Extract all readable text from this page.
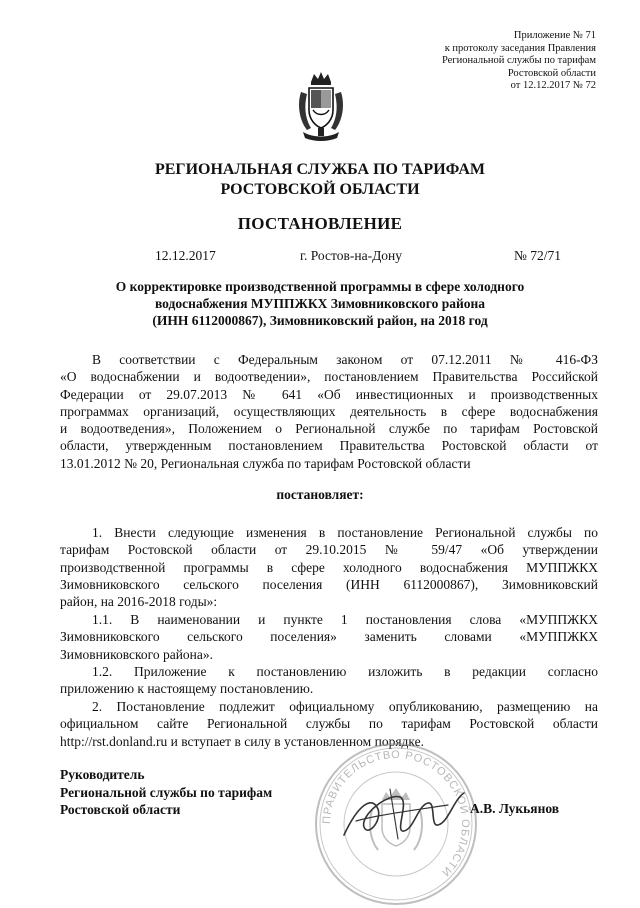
Приложение № 71
к протоколу заседания Правления
Региональной службы по тарифам
Ростовской области
от 12.12.2017 № 72
РЕГИОНАЛЬНАЯ СЛУЖБА ПО ТАРИФАМ
РОСТОВСКОЙ ОБЛАСТИ
ПОСТАНОВЛЕНИЕ
12.12.2017	г. Ростов-на-Дону	№ 72/71
О корректировке производственной программы в сфере холодного
водоснабжения МУППЖКХ Зимовниковского района
(ИНН 6112000867), Зимовниковский район, на 2018 год
В соответствии с Федеральным законом от 07.12.2011 № 416-ФЗ
«О водоснабжении и водоотведении», постановлением Правительства Российской
Федерации от 29.07.2013 № 641 «Об инвестиционных и производственных
программах организаций, осуществляющих деятельность в сфере водоснабжения
и водоотведения», Положением о Региональной службе по тарифам Ростовской
области, утвержденным постановлением Правительства Ростовской области от
13.01.2012 № 20, Региональная служба по тарифам Ростовской области
постановляет:
1. Внести следующие изменения в постановление Региональной службы по
тарифам Ростовской области от 29.10.2015 № 59/47 «Об утверждении
производственной программы в сфере холодного водоснабжения МУППЖКХ
Зимовниковского сельского поселения (ИНН 6112000867), Зимовниковский
район, на 2016-2018 годы»:
1.1. В наименовании и пункте 1 постановления слова «МУППЖКХ
Зимовниковского сельского поселения» заменить словами «МУППЖКХ
Зимовниковского района».
1.2. Приложение к постановлению изложить в редакции согласно
приложению к настоящему постановлению.
2. Постановление подлежит официальному опубликованию, размещению на
официальном сайте Региональной службы по тарифам Ростовской области
http://rst.donland.ru и вступает в силу в установленном порядке.
ПРАВИТЕЛЬСТВО РОСТОВСКОЙ ОБЛАСТИ
Руководитель
Региональной службы по тарифам
Ростовской области	А.В. Лукьянов
